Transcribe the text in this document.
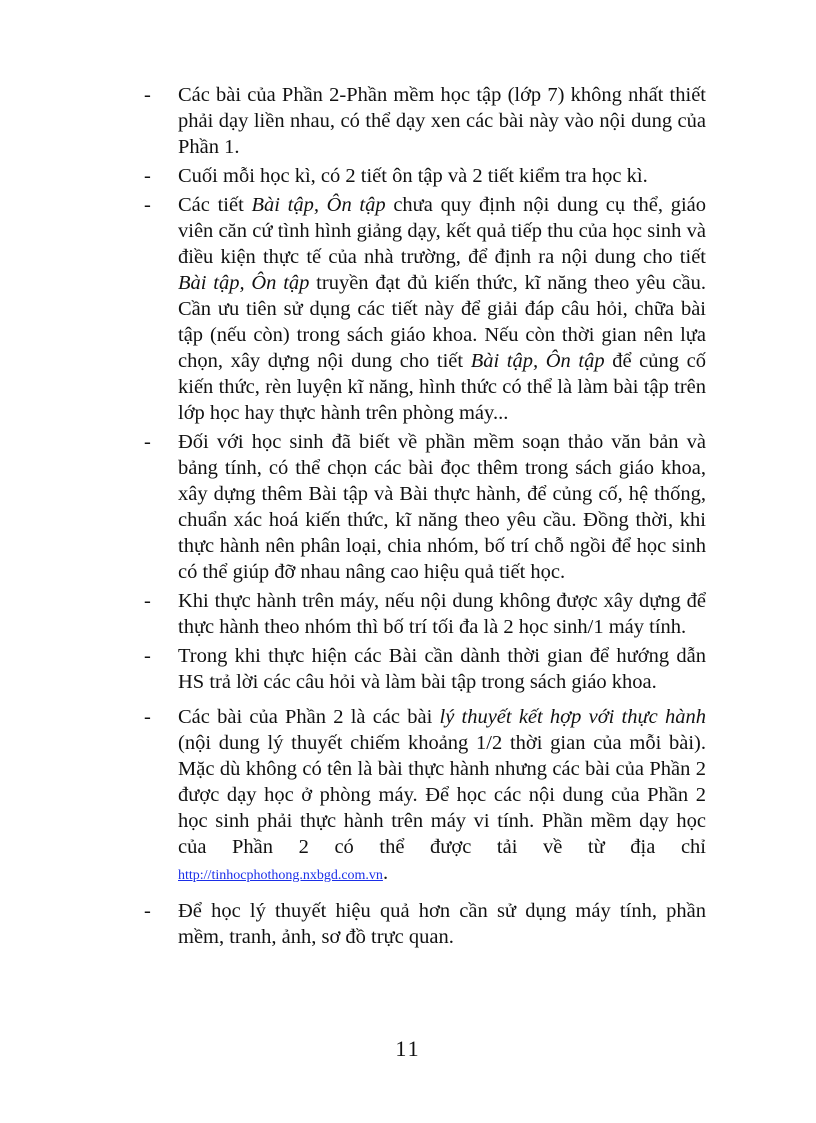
- Các bài của Phần 2-Phần mềm học tập (lớp 7) không nhất thiết phải dạy liền nhau, có thể dạy xen các bài này vào nội dung của Phần 1.

- Cuối mỗi học kì, có 2 tiết ôn tập và 2 tiết kiểm tra học kì.

- Các tiết Bài tập, Ôn tập chưa quy định nội dung cụ thể, giáo viên căn cứ tình hình giảng dạy, kết quả tiếp thu của học sinh và điều kiện thực tế của nhà trường, để định ra nội dung cho tiết Bài tập, Ôn tập truyền đạt đủ kiến thức, kĩ năng theo yêu cầu. Cần ưu tiên sử dụng các tiết này để giải đáp câu hỏi, chữa bài tập (nếu còn) trong sách giáo khoa. Nếu còn thời gian nên lựa chọn, xây dựng nội dung cho tiết Bài tập, Ôn tập để củng cố kiến thức, rèn luyện kĩ năng, hình thức có thể là làm bài tập trên lớp học hay thực hành trên phòng máy...

- Đối với học sinh đã biết về phần mềm soạn thảo văn bản và bảng tính, có thể chọn các bài đọc thêm trong sách giáo khoa, xây dựng thêm Bài tập và Bài thực hành, để củng cố, hệ thống, chuẩn xác hoá kiến thức, kĩ năng theo yêu cầu. Đồng thời, khi thực hành nên phân loại, chia nhóm, bố trí chỗ ngồi để học sinh có thể giúp đỡ nhau nâng cao hiệu quả tiết học.

- Khi thực hành trên máy, nếu nội dung không được xây dựng để thực hành theo nhóm thì bố trí tối đa là 2 học sinh/1 máy tính.

- Trong khi thực hiện các Bài cần dành thời gian để hướng dẫn HS trả lời các câu hỏi và làm bài tập trong sách giáo khoa.

- Các bài của Phần 2 là các bài lý thuyết kết hợp với thực hành (nội dung lý thuyết chiếm khoảng 1/2 thời gian của mỗi bài). Mặc dù không có tên là bài thực hành nhưng các bài của Phần 2 được dạy học ở phòng máy. Để học các nội dung của Phần 2 học sinh phải thực hành trên máy vi tính. Phần mềm dạy học của Phần 2 có thể được tải về từ địa chỉ http://tinhocphothong.nxbgd.com.vn.

- Để học lý thuyết hiệu quả hơn cần sử dụng máy tính, phần mềm, tranh, ảnh, sơ đồ trực quan.

11
